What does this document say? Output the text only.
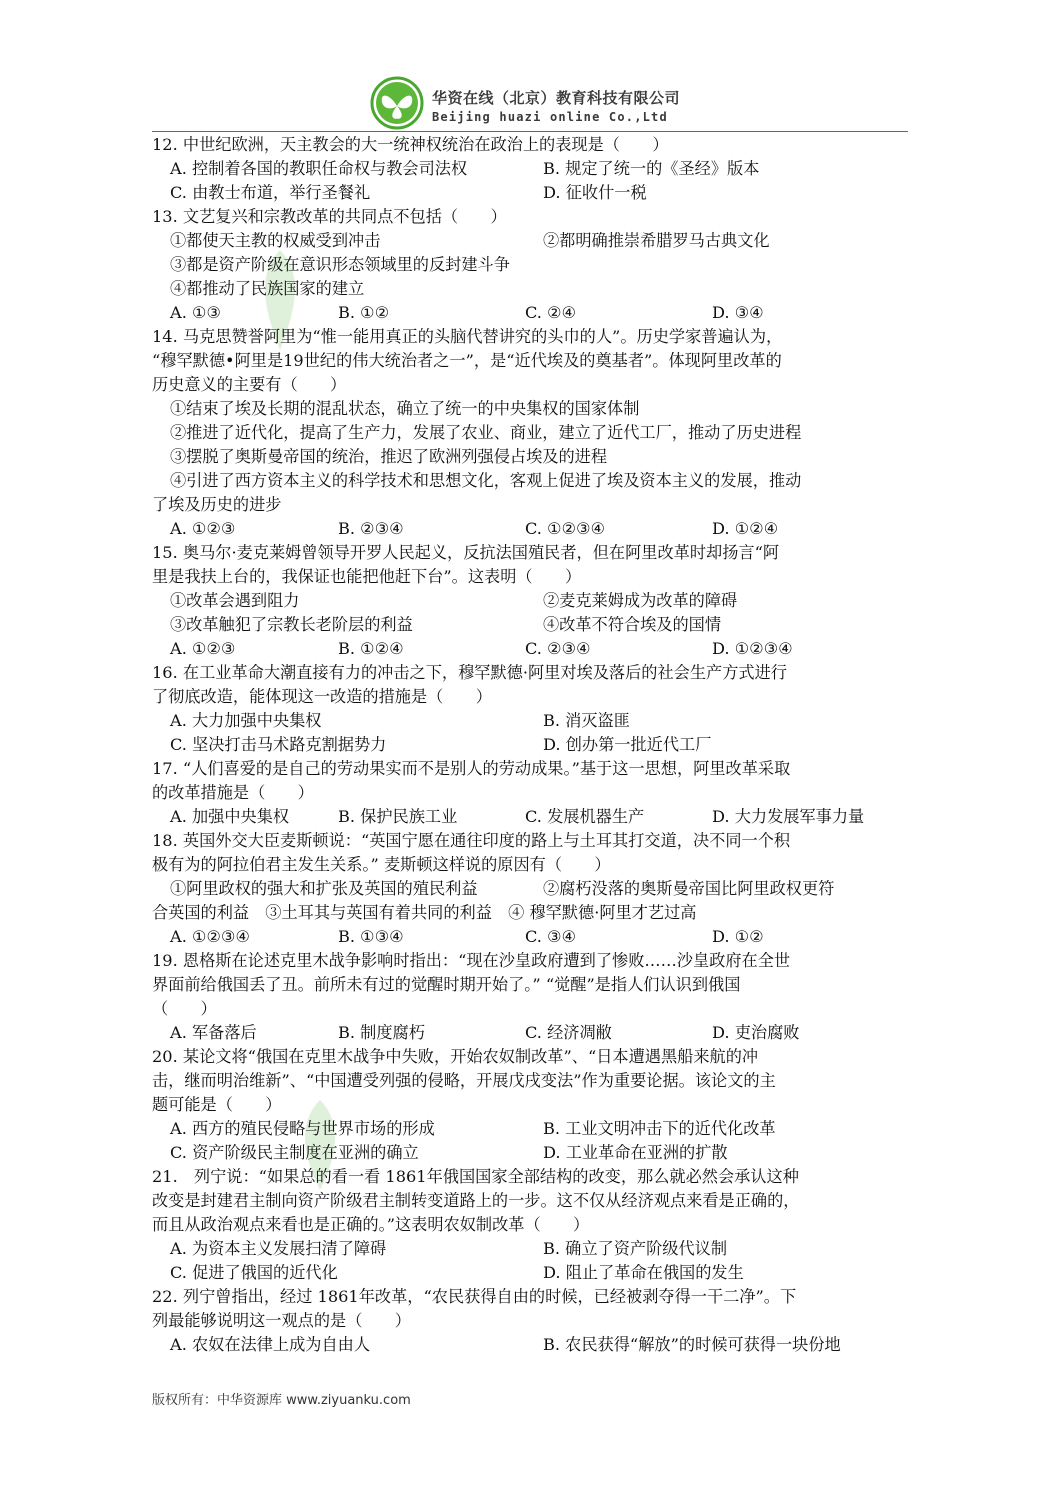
华资在线（北京）教育科技有限公司
Beijing huazi online Co.,Ltd
12. 中世纪欧洲，天主教会的大一统神权统治在政治上的表现是（　　）
A. 控制着各国的教职任命权与教会司法权	B. 规定了统一的《圣经》版本
C. 由教士布道，举行圣餐礼	D. 征收什一税
13. 文艺复兴和宗教改革的共同点不包括（　　）
①都使天主教的权威受到冲击	②都明确推崇希腊罗马古典文化
③都是资产阶级在意识形态领域里的反封建斗争
④都推动了民族国家的建立
A. ①③	B. ①②	C. ②④	D. ③④
14. 马克思赞誉阿里为“惟一能用真正的头脑代替讲究的头巾的人”。历史学家普遍认为，
“穆罕默德•阿里是19世纪的伟大统治者之一”，是“近代埃及的奠基者”。体现阿里改革的
历史意义的主要有（　　）
①结束了埃及长期的混乱状态，确立了统一的中央集权的国家体制
②推进了近代化，提高了生产力，发展了农业、商业，建立了近代工厂，推动了历史进程
③摆脱了奥斯曼帝国的统治，推迟了欧洲列强侵占埃及的进程
④引进了西方资本主义的科学技术和思想文化，客观上促进了埃及资本主义的发展，推动
了埃及历史的进步
A. ①②③	B. ②③④	C. ①②③④	D. ①②④
15. 奥马尔·麦克莱姆曾领导开罗人民起义，反抗法国殖民者，但在阿里改革时却扬言“阿
里是我扶上台的，我保证也能把他赶下台”。这表明（　　）
①改革会遇到阻力	②麦克莱姆成为改革的障碍
③改革触犯了宗教长老阶层的利益	④改革不符合埃及的国情
A. ①②③	B. ①②④	C. ②③④	D. ①②③④
16. 在工业革命大潮直接有力的冲击之下，穆罕默德·阿里对埃及落后的社会生产方式进行
了彻底改造，能体现这一改造的措施是（　　）
A. 大力加强中央集权	B. 消灭盗匪
C. 坚决打击马术路克割据势力	D. 创办第一批近代工厂
17. “人们喜爱的是自己的劳动果实而不是别人的劳动成果。”基于这一思想，阿里改革采取
的改革措施是（　　）
A. 加强中央集权	B. 保护民族工业	C. 发展机器生产	D. 大力发展军事力量
18. 英国外交大臣麦斯顿说：“英国宁愿在通往印度的路上与土耳其打交道，决不同一个积
极有为的阿拉伯君主发生关系。” 麦斯顿这样说的原因有（　　）
①阿里政权的强大和扩张及英国的殖民利益	②腐朽没落的奥斯曼帝国比阿里政权更符
合英国的利益　③土耳其与英国有着共同的利益　④ 穆罕默德·阿里才艺过高
A. ①②③④	B. ①③④	C. ③④	D. ①②
19. 恩格斯在论述克里木战争影响时指出：“现在沙皇政府遭到了惨败……沙皇政府在全世
界面前给俄国丢了丑。前所未有过的觉醒时期开始了。” “觉醒”是指人们认识到俄国
（　　）
A. 军备落后	B. 制度腐朽	C. 经济凋敝	D. 吏治腐败
20. 某论文将“俄国在克里木战争中失败，开始农奴制改革”、“日本遭遇黑船来航的冲
击，继而明治维新”、“中国遭受列强的侵略，开展戊戌变法”作为重要论据。该论文的主
题可能是（　　）
A. 西方的殖民侵略与世界市场的形成	B. 工业文明冲击下的近代化改革
C. 资产阶级民主制度在亚洲的确立	D. 工业革命在亚洲的扩散
21.　列宁说：“如果总的看一看 1861年俄国国家全部结构的改变，那么就必然会承认这种
改变是封建君主制向资产阶级君主制转变道路上的一步。这不仅从经济观点来看是正确的，
而且从政治观点来看也是正确的。”这表明农奴制改革（　　）
A. 为资本主义发展扫清了障碍	B. 确立了资产阶级代议制
C. 促进了俄国的近代化	D. 阻止了革命在俄国的发生
22. 列宁曾指出，经过 1861年改革，“农民获得自由的时候，已经被剥夺得一干二净”。下
列最能够说明这一观点的是（　　）
A. 农奴在法律上成为自由人	B. 农民获得“解放”的时候可获得一块份地
版权所有：中华资源库 www.ziyuanku.com
